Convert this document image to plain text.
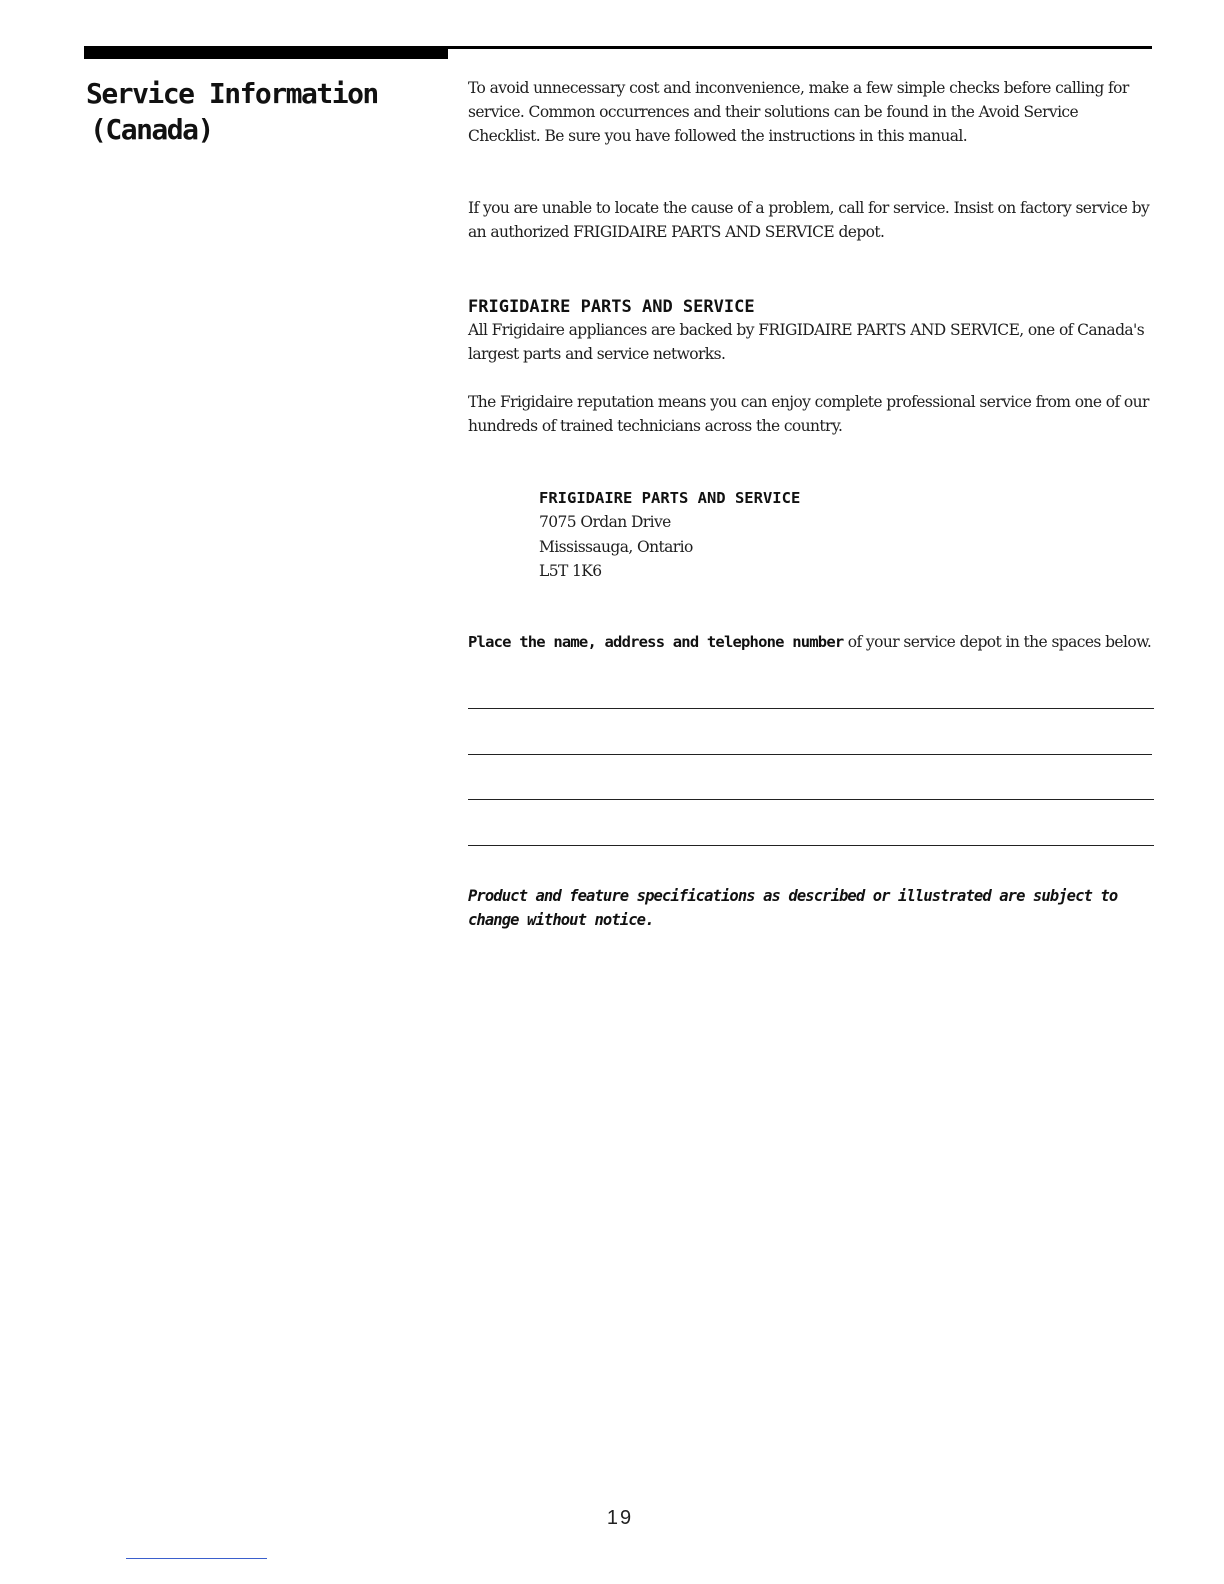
Service Information
(Canada)

To avoid unnecessary cost and inconvenience, make a few simple checks before calling for service. Common occurrences and their solutions can be found in the Avoid Service Checklist. Be sure you have followed the instructions in this manual.

If you are unable to locate the cause of a problem, call for service. Insist on factory service by an authorized FRIGIDAIRE PARTS AND SERVICE depot.

FRIGIDAIRE PARTS AND SERVICE

All Frigidaire appliances are backed by FRIGIDAIRE PARTS AND SERVICE, one of Canada's largest parts and service networks.

The Frigidaire reputation means you can enjoy complete professional service from one of our hundreds of trained technicians across the country.

FRIGIDAIRE PARTS AND SERVICE
7075 Ordan Drive
Mississauga, Ontario
L5T 1K6

Place the name, address and telephone number of your service depot in the spaces below.

Product and feature specifications as described or illustrated are subject to change without notice.

19
